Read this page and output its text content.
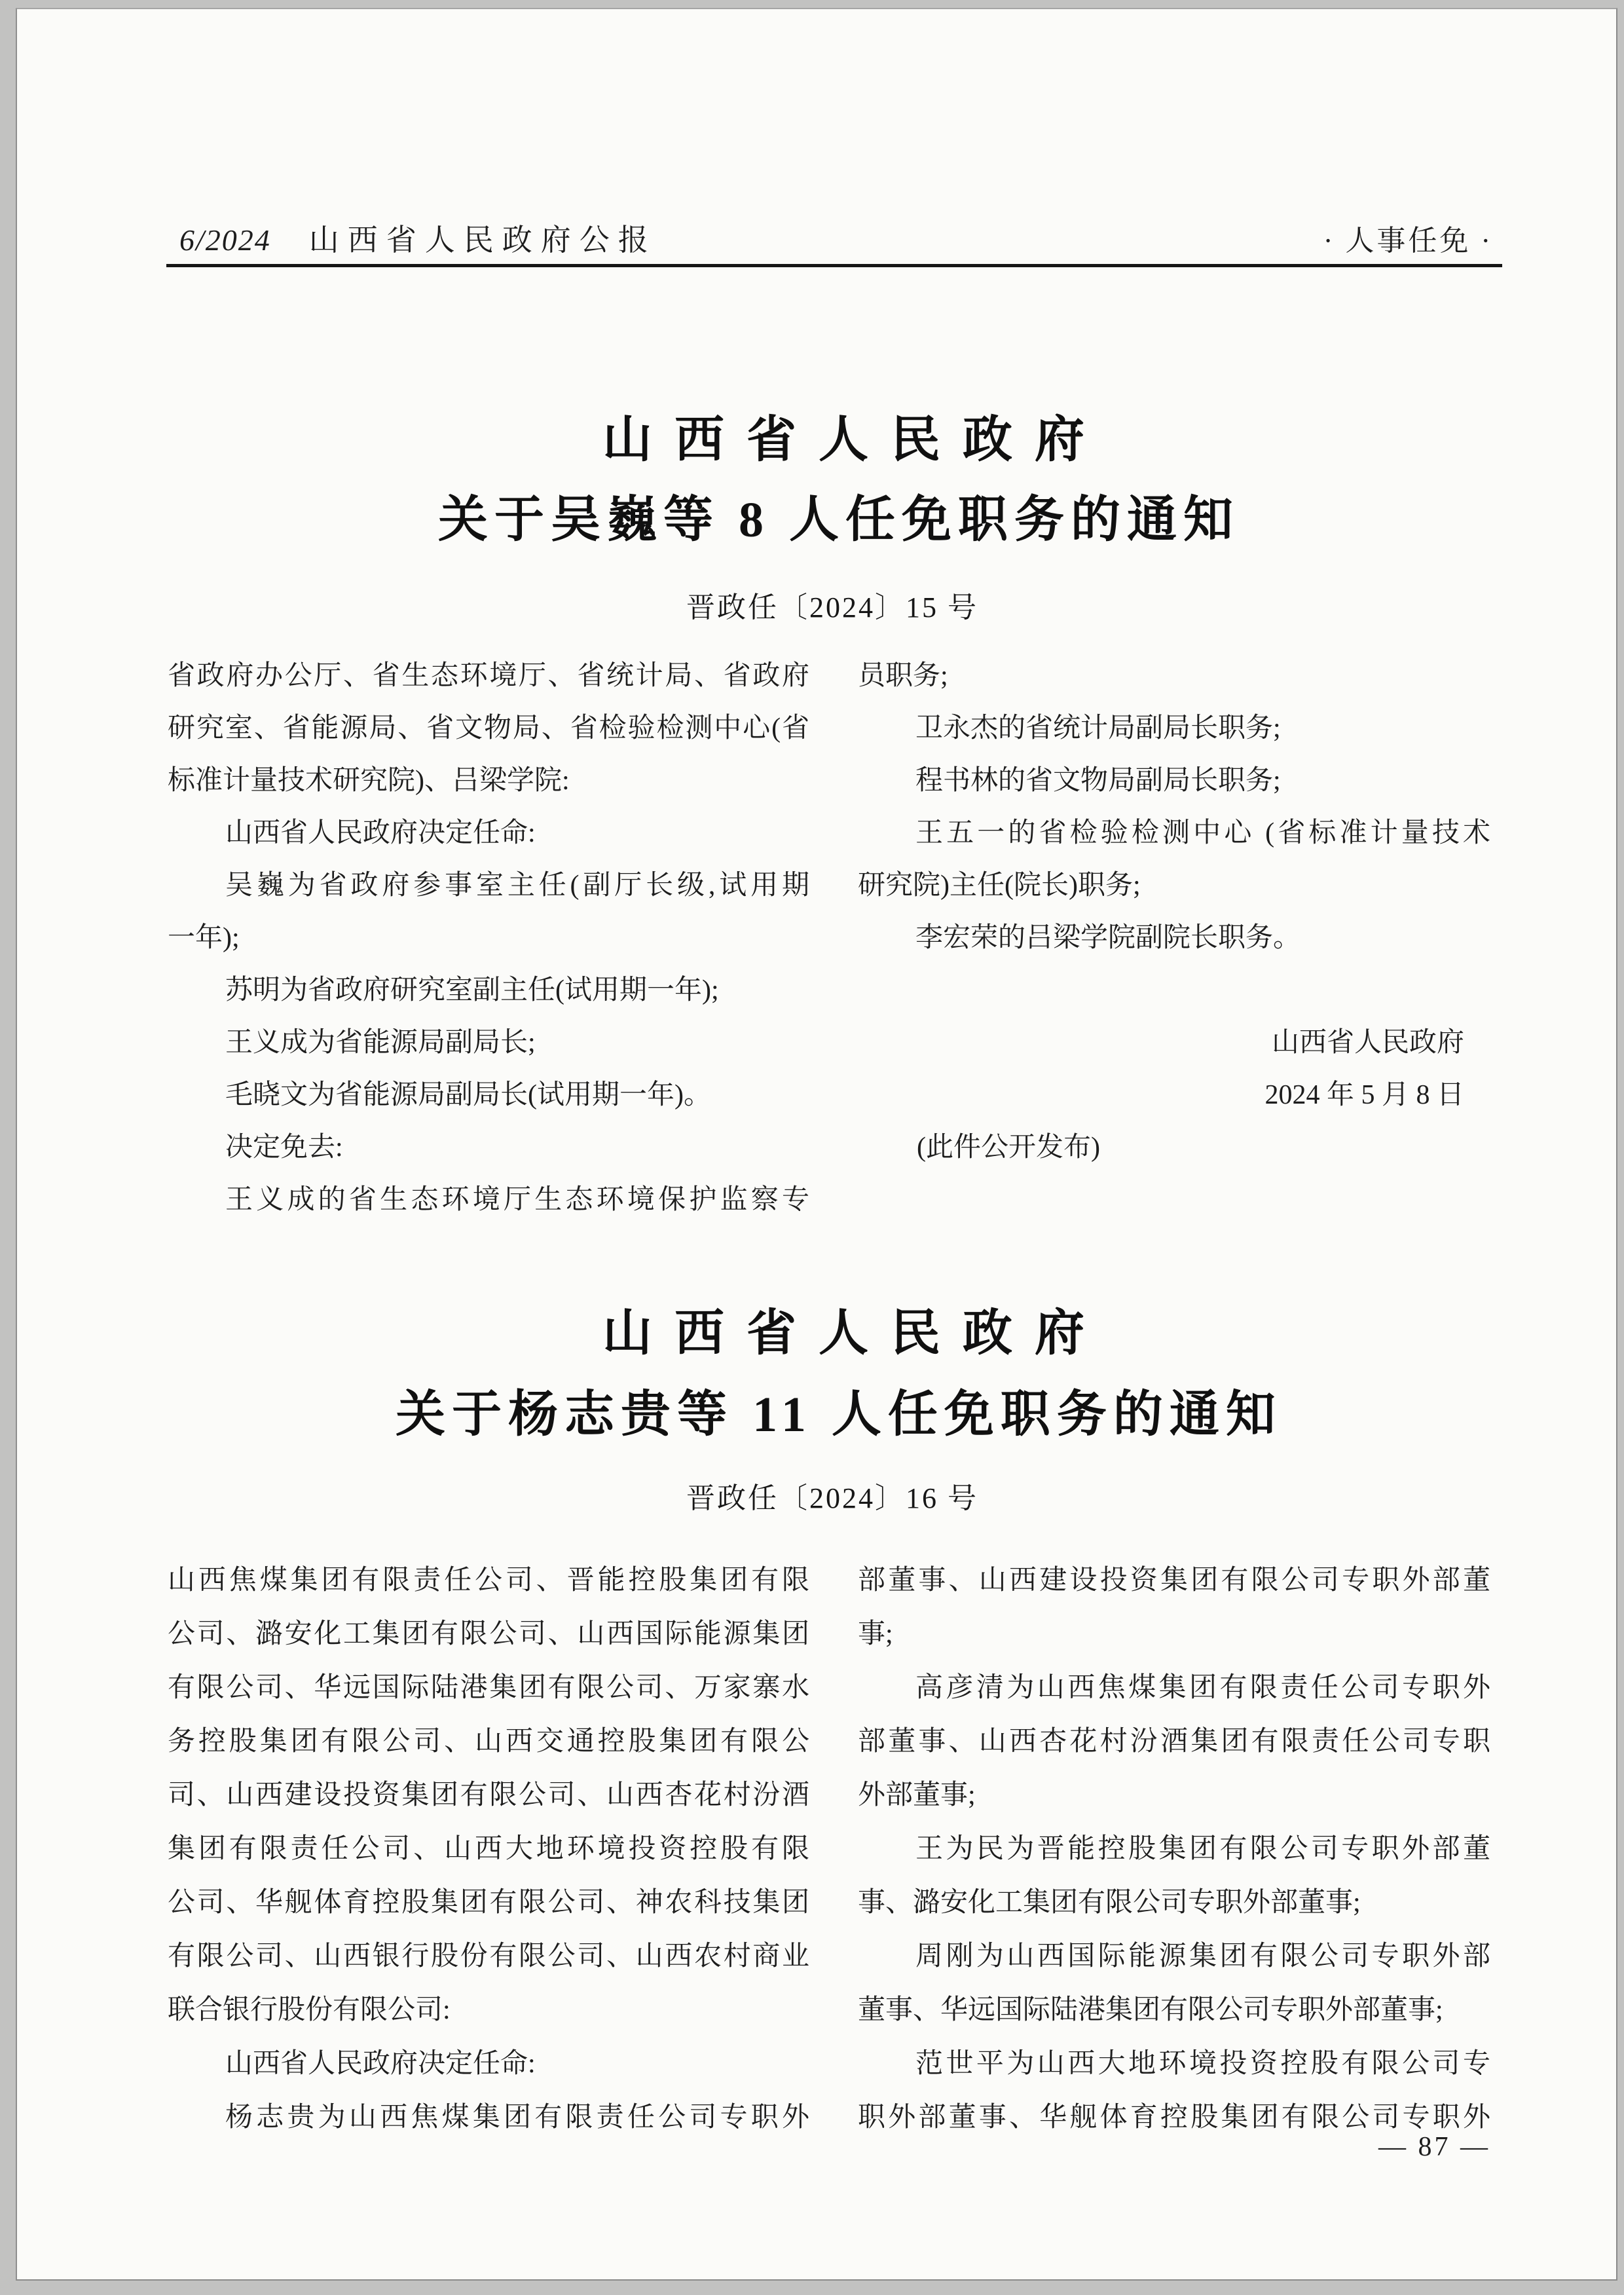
6/2024 山西省人民政府公报	· 人事任免 ·
山西省人民政府
关于吴巍等 8 人任免职务的通知
晋政任〔2024〕15 号
省政府办公厅、省生态环境厅、省统计局、省政府
研究室、省能源局、省文物局、省检验检测中心(省
标准计量技术研究院)、吕梁学院:
山西省人民政府决定任命:
吴巍为省政府参事室主任(副厅长级,试用期
一年);
苏明为省政府研究室副主任(试用期一年);
王义成为省能源局副局长;
毛晓文为省能源局副局长(试用期一年)。
决定免去:
王义成的省生态环境厅生态环境保护监察专
员职务;
卫永杰的省统计局副局长职务;
程书林的省文物局副局长职务;
王五一的省检验检测中心 (省标准计量技术
研究院)主任(院长)职务;
李宏荣的吕梁学院副院长职务。
山西省人民政府
2024 年 5 月 8 日
(此件公开发布)
山西省人民政府
关于杨志贵等 11 人任免职务的通知
晋政任〔2024〕16 号
山西焦煤集团有限责任公司、晋能控股集团有限
公司、潞安化工集团有限公司、山西国际能源集团
有限公司、华远国际陆港集团有限公司、万家寨水
务控股集团有限公司、山西交通控股集团有限公
司、山西建设投资集团有限公司、山西杏花村汾酒
集团有限责任公司、山西大地环境投资控股有限
公司、华舰体育控股集团有限公司、神农科技集团
有限公司、山西银行股份有限公司、山西农村商业
联合银行股份有限公司:
山西省人民政府决定任命:
杨志贵为山西焦煤集团有限责任公司专职外
部董事、山西建设投资集团有限公司专职外部董
事;
高彦清为山西焦煤集团有限责任公司专职外
部董事、山西杏花村汾酒集团有限责任公司专职
外部董事;
王为民为晋能控股集团有限公司专职外部董
事、潞安化工集团有限公司专职外部董事;
周刚为山西国际能源集团有限公司专职外部
董事、华远国际陆港集团有限公司专职外部董事;
范世平为山西大地环境投资控股有限公司专
职外部董事、华舰体育控股集团有限公司专职外
— 87 —
